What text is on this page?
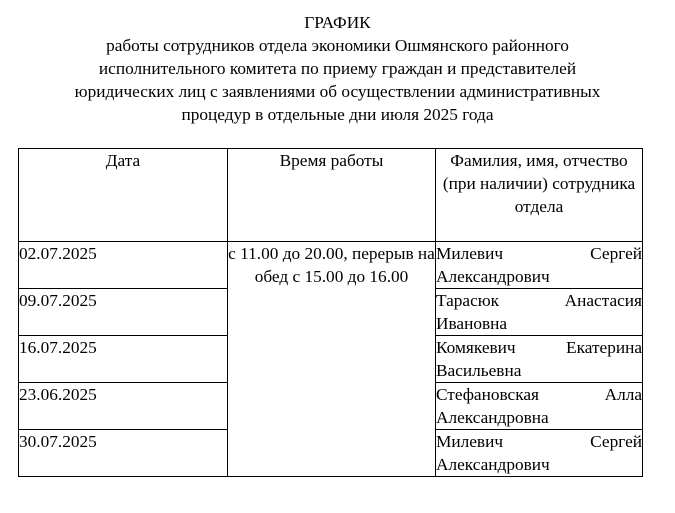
ГРАФИК
работы сотрудников отдела экономики Ошмянского районного
исполнительного комитета по приему граждан и представителей
юридических лиц с заявлениями об осуществлении административных
процедур в отдельные дни июля 2025 года
Дата	Время работы	Фамилия, имя, отчество (при наличии) сотрудника отдела
02.07.2025	с 11.00 до 20.00, перерыв на обед с 15.00 до 16.00	Милевич Сергей
Александрович

09.07.2025		Тарасюк Анастасия
Ивановна

16.07.2025		Комякевич Екатерина
Васильевна

23.06.2025		Стефановская Алла
Александровна

30.07.2025		Милевич Сергей
Александрович
